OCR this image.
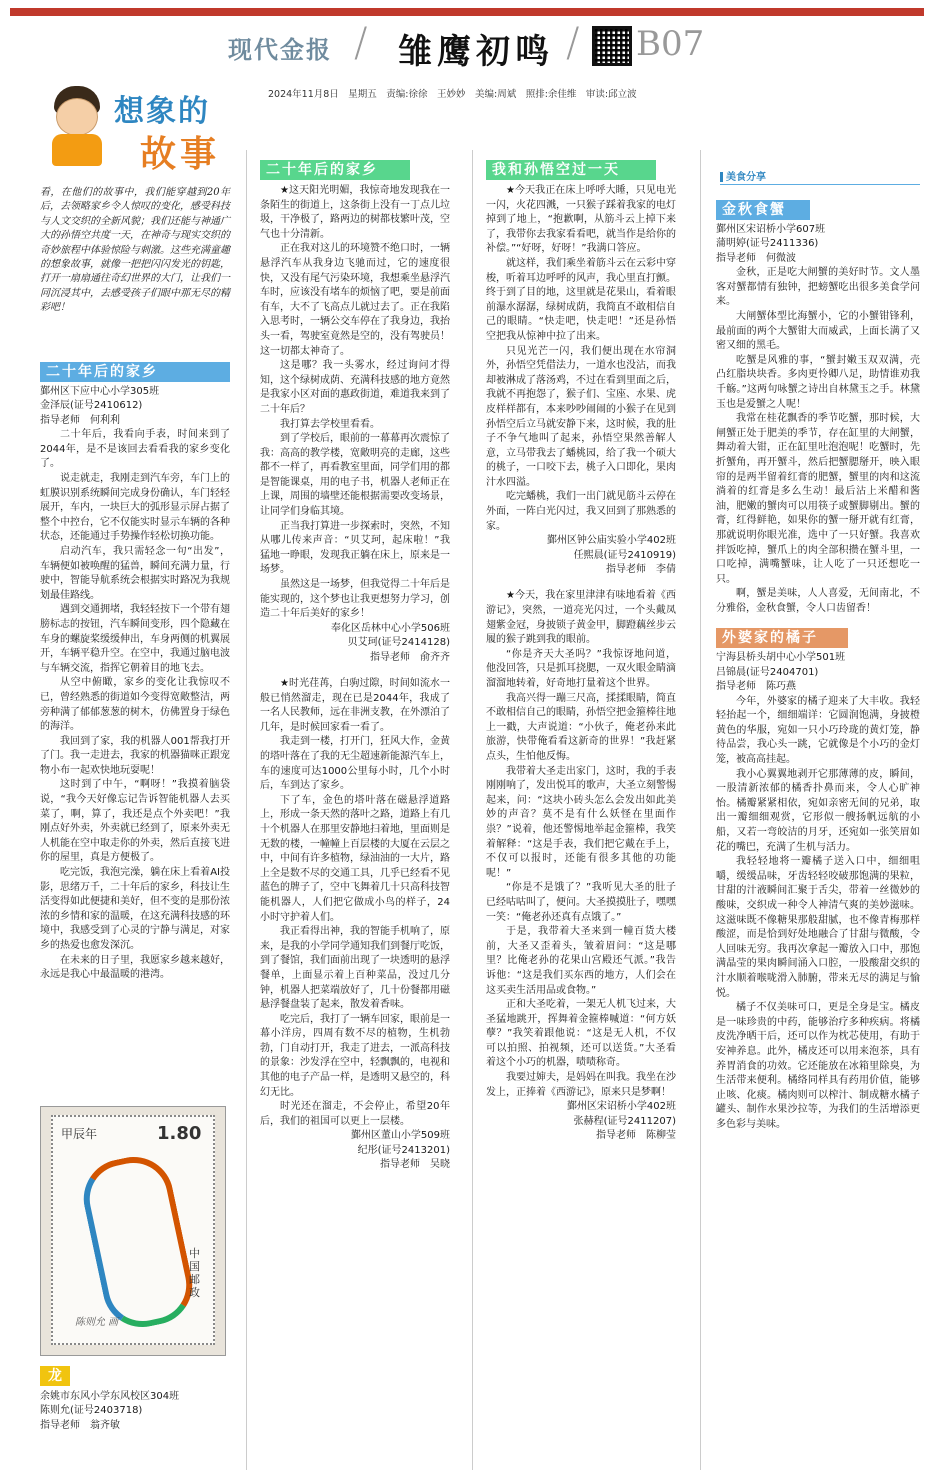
现代金报 / 雏鹰初鸣 / B07
2024年11月8日　星期五　责编:徐徐　王妙妙　美编:周斌　照排:余佳维　审读:邱立波
想象的
故事
看，在他们的故事中，我们能穿越到20年后，去领略家乡令人惊叹的变化，感受科技与人文交织的全新风貌；我们还能与神通广大的孙悟空共度一天，在神奇与现实交织的奇妙旅程中体验惊险与刺激。这些充满童趣的想象故事，就像一把把闪闪发光的钥匙，打开一扇扇通往奇幻世界的大门，让我们一同沉浸其中，去感受孩子们眼中那无尽的精彩吧！
二十年后的家乡
鄞州区下应中心小学305班
金泽辰(证号2410612)
指导老师　何利利

二十年后，我看向手表，时间来到了2044年，是不是该回去看看我的家乡变化了。

说走就走，我刚走到汽车旁，车门上的虹膜识别系统瞬间完成身份确认，车门轻轻展开，车内，一块巨大的弧形显示屏占据了整个中控台，它不仅能实时显示车辆的各种状态，还能通过手势操作轻松切换功能。

启动汽车，我只需轻念一句“出发”，车辆便如被唤醒的猛兽，瞬间充满力量，行驶中，智能导航系统会根据实时路况为我规划最佳路线。

遇到交通拥堵，我轻轻按下一个带有翅膀标志的按钮，汽车瞬间变形，四个隐藏在车身的螺旋桨缓缓伸出，车身两侧的机翼展开，车辆平稳升空。在空中，我通过脑电波与车辆交流，指挥它朝着目的地飞去。

从空中俯瞰，家乡的变化让我惊叹不已，曾经熟悉的街道如今变得宽敞整洁，两旁种满了郁郁葱葱的树木，仿佛置身于绿色的海洋。

我回到了家，我的机器人001帮我打开了门。我一走进去，我家的机器猫咪正跟宠物小布一起欢快地玩耍呢！

这时到了中午，“啊呀！”我摸着脑袋说，“我今天好像忘记告诉智能机器人去买菜了，啊，算了，我还是点个外卖吧！”我刚点好外卖，外卖就已经到了，原来外卖无人机能在空中取走你的外卖，然后直接飞进你的屋里，真是方便极了。

吃完饭，我泡完澡，躺在床上看着AI投影，思绪万千，二十年后的家乡，科技让生活变得如此便捷和美好，但不变的是那份浓浓的乡情和家的温暖，在这充满科技感的环境中，我感受到了心灵的宁静与满足，对家乡的热爱也愈发深沉。

在未来的日子里，我愿家乡越来越好，永远是我心中最温暖的港湾。

甲辰年	1.80
中国邮政
陈则允 画
龙
余姚市东风小学东风校区304班
陈则允(证号2403718)
指导老师　翁齐敏
二十年后的家乡

★这天阳光明媚，我惊奇地发现我在一条陌生的街道上，这条街上没有一丁点儿垃圾，干净极了，路两边的树都枝繁叶茂，空气也十分清新。

正在我对这儿的环境赞不绝口时，一辆悬浮汽车从我身边飞驰而过，它的速度很快，又没有尾气污染环境，我想乘坐悬浮汽车时，应该没有堵车的烦恼了吧，要是前面有车，大不了飞高点儿就过去了。正在我陷入思考时，一辆公交车停在了我身边，我抬头一看，驾驶室竟然是空的，没有驾驶员！这一切都太神奇了。

这是哪？我一头雾水，经过询问才得知，这个绿树成荫、充满科技感的地方竟然是我家小区对面的惠政街道，难道我来到了二十年后？

我打算去学校里看看。

到了学校后，眼前的一幕幕再次震惊了我：高高的教学楼，宽敞明亮的走廊，这些都不一样了，再看教室里面，同学们用的都是智能课桌，用的电子书，机器人老师正在上课，周围的墙壁还能根据需要改变场景，让同学们身临其境。

正当我打算进一步探索时，突然，不知从哪儿传来声音：“贝艾珂，起床啦！”我猛地一睁眼，发现我正躺在床上，原来是一场梦。

虽然这是一场梦，但我觉得二十年后是能实现的，这个梦也让我更想努力学习，创造二十年后美好的家乡！

奉化区岳林中心小学506班
贝艾珂(证号2414128)
指导老师　俞齐齐

★时光荏苒，白驹过隙，时间如流水一般已悄然溜走，现在已是2044年，我成了一名人民教师，远在非洲支教，在外漂泊了几年，是时候回家看一看了。

我走到一楼，打开门，狂风大作，金黄的塔叶落在了我的无尘超速新能源汽车上，车的速度可达1000公里每小时，几个小时后，车到达了家乡。

下了车，金色的塔叶落在磁悬浮道路上，形成一条天然的落叶之路，道路上有几十个机器人在那里安静地扫着地，里面则是无数的楼，一幢幢上百层楼的大厦在云层之中，中间有许多植物，绿油油的一大片，路上全是数不尽的交通工具，几乎已经看不见蓝色的牌子了，空中飞舞着几十只高科技智能机器人，人们把它做成小鸟的样子，24小时守护着人们。

我正看得出神，我的智能手机响了，原来，是我的小学同学通知我们到餐厅吃饭，到了餐馆，我们面前出现了一块透明的悬浮餐单，上面显示着上百种菜品，没过几分钟，机器人把菜端放好了，几十份餐都用磁悬浮餐盘装了起来，散发着香味。

吃完后，我打了一辆车回家，眼前是一幕小洋房，四周有数不尽的植物，生机勃勃，门自动打开，我走了进去，一派高科技的景象：沙发浮在空中，轻飘飘的，电视和其他的电子产品一样，是透明又悬空的，科幻无比。

时光还在溜走，不会停止，希望20年后，我们的祖国可以更上一层楼。

鄞州区董山小学509班
纪彤(证号2413201)
指导老师　吴晓
我和孙悟空过一天

★今天我正在床上呼呼大睡，只见电光一闪，火花四溅，一只猴子踩着我家的电灯掉到了地上，“抱歉啊，从筋斗云上掉下来了，我带你去我家看看吧，就当作是给你的补偿。”“好呀，好呀！”我满口答应。

就这样，我们乘坐着筋斗云在云彩中穿梭，听着耳边呼呼的风声，我心里直打颤。终于到了目的地，这里就是花果山，看着眼前瀑水潺潺，绿树成荫，我简直不敢相信自己的眼睛。“快走吧，快走吧！”还是孙悟空把我从惊神中拉了出来。

只见光芒一闪，我们便出现在水帘洞外，孙悟空凭借法力，一道水也没沾，而我却被淋成了落汤鸡，不过在看到里面之后，我就不再抱怨了，猴子们、宝座、水果、虎皮样样都有，本来吵吵闹闹的小猴子在见到孙悟空后立马就安静下来，这时候，我的肚子不争气地叫了起来，孙悟空果然善解人意，立马带我去了蟠桃园，给了我一个硕大的桃子，一口咬下去，桃子入口即化，果肉汁水四溢。

吃完蟠桃，我们一出门就见筋斗云停在外面，一阵白光闪过，我又回到了那熟悉的家。

鄞州区钟公庙实验小学402班
任熙晨(证号2410919)
指导老师　李倩

★今天，我在家里津津有味地看着《西游记》，突然，一道亮光闪过，一个头戴凤翅紫金冠，身披锁子黄金甲，脚蹬藕丝步云履的猴子跳到我的眼前。

“你是齐天大圣吗？”我惊讶地问道，他没回答，只是抓耳挠腮，一双火眼金睛滴溜溜地转着，好奇地打量着这个世界。

我高兴得一蹦三尺高，揉揉眼睛，简直不敢相信自己的眼睛，孙悟空把金箍棒往地上一戳，大声说道：“小伙子，俺老孙来此旅游，快带俺看看这新奇的世界！”我赶紧点头，生怕他反悔。

我带着大圣走出家门，这时，我的手表刚刚响了，发出悦耳的歌声，大圣立刻警惕起来，问：“这块小砖头怎么会发出如此美妙的声音？莫不是有什么妖怪在里面作祟？”说着，他还警惕地举起金箍棒，我笑着解释：“这是手表，我们把它戴在手上，不仅可以报时，还能有很多其他的功能呢！”

“你是不是饿了？”我听见大圣的肚子已经咕咕叫了，便问。大圣摸摸肚子，嘿嘿一笑：“俺老孙还真有点饿了。”

于是，我带着大圣来到一幢百货大楼前，大圣又歪着头，皱着眉问：“这是哪里？比俺老孙的花果山宫殿还气派。”我告诉他：“这是我们买东西的地方，人们会在这买卖生活用品或食物。”

正和大圣吃着，一架无人机飞过来，大圣猛地跳开，挥舞着金箍棒喊道：“何方妖孽？”我笑着跟他说：“这是无人机，不仅可以拍照、拍视频，还可以送货。”大圣看着这个小巧的机器，啧啧称奇。

我要过婶夫，是妈妈在叫我。我坐在沙发上，正捧着《西游记》，原来只是梦啊！

鄞州区宋诏桥小学402班
张赫程(证号2411207)
指导老师　陈柳莹
美食分享
金秋食蟹
鄞州区宋诏桥小学607班
蒲明婷(证号2411336)
指导老师　何微波

金秋，正是吃大闸蟹的美好时节。文人墨客对蟹都情有独钟，把螃蟹吃出很多美食学问来。

大闸蟹体型比海蟹小，它的小蟹钳锋利，最前面的两个大蟹钳大而威武，上面长满了又密又细的黑毛。

吃蟹是风雅的事，“蟹封嫩玉双双满，壳凸红脂块块香。多肉更怜卿八足，助情谁劝我千觞。”这两句咏蟹之诗出自林黛玉之手。林黛玉也是爱蟹之人呢！

我常在桂花飘香的季节吃蟹，那时候，大闸蟹正处于肥美的季节，存在缸里的大闸蟹，舞动着大钳，正在缸里吐泡泡呢！吃蟹时，先折蟹角，再开蟹斗，然后把蟹腮掰开，映入眼帘的是两半留着红膏的肥蟹，蟹里的肉和这流淌着的红膏是多么生动！最后沾上米醋和酱油，肥嫩的蟹肉可以用筷子或蟹脚剔出。蟹的膏，红得鲜艳，如果你的蟹一掰开就有红膏，那就说明你眼光准，选中了一只好蟹。我喜欢拌饭吃掉，蟹爪上的肉全部积攒在蟹斗里，一口吃掉，满嘴蟹味，让人吃了一只还想吃一只。

啊，蟹是美味，人人喜爱，无间南北，不分雅俗，金秋食蟹，令人口齿留香！

外婆家的橘子
宁海县桥头胡中心小学501班
吕锦晨(证号2404701)
指导老师　陈巧燕

今年，外婆家的橘子迎来了大丰收。我轻轻抬起一个，细细端详：它圆润饱满，身披橙黄色的华服，宛如一只小巧玲珑的黄灯笼，静待品尝，我心头一跳，它就像是个小巧的金灯笼，被高高挂起。

我小心翼翼地剥开它那薄薄的皮，瞬间，一股清新浓郁的橘香扑鼻而来，令人心旷神怡。橘瓣紧紧相依，宛如亲密无间的兄弟，取出一瓣细细观赏，它形似一艘扬帆远航的小船，又若一弯皎洁的月牙，还宛如一张笑眉如花的嘴巴，充满了生机与活力。

我轻轻地将一瓣橘子送入口中，细细咀嚼，缓缓品味，牙齿轻轻咬破那饱满的果粒，甘甜的汁液瞬间汇聚于舌尖，带着一丝微妙的酸味，交织成一种令人神清气爽的美妙滋味。这滋味既不像糖果那般甜腻，也不像青梅那样酸涩，而是恰到好处地融合了甘甜与微酸，令人回味无穷。我再次拿起一瓣放入口中，那饱满晶莹的果肉瞬间涌入口腔，一股酸甜交织的汁水顺着喉咙滑入肺腑，带来无尽的满足与愉悦。

橘子不仅美味可口，更是全身是宝。橘皮是一味珍贵的中药，能够治疗多种疾病。将橘皮洗净晒干后，还可以作为枕芯使用，有助于安神养息。此外，橘皮还可以用来泡茶，具有养胃消食的功效。它还能放在冰箱里除臭，为生活带来便利。橘络同样具有药用价值，能够止咳、化痰。橘肉则可以榨汁、制成糖水橘子罐头、制作水果沙拉等，为我们的生活增添更多色彩与美味。
